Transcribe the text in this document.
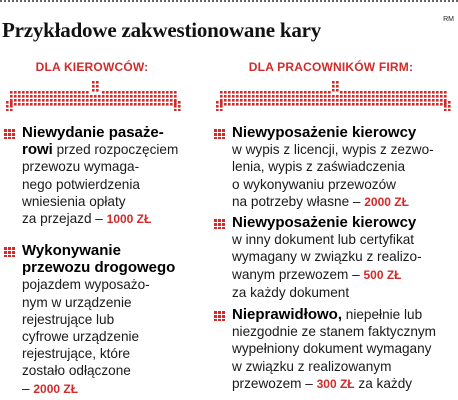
Przykładowe zakwestionowane kary	RM
DLA KIEROWCÓW:	DLA PRACOWNIKÓW FIRM:
Niewydanie pasaże-
rowi przed rozpoczęciem
przewozu wymaga-
nego potwierdzenia
wniesienia opłaty
za przejazd – 1000 ZŁ
Wykonywanie
przewozu drogowego
pojazdem wyposażo-
nym w urządzenie
rejestrujące lub
cyfrowe urządzenie
rejestrujące, które
zostało odłączone
– 2000 ZŁ
Niewyposażenie kierowcy
w wypis z licencji, wypis z zezwo-
lenia, wypis z zaświadczenia
o wykonywaniu przewozów
na potrzeby własne – 2000 ZŁ
Niewyposażenie kierowcy
w inny dokument lub certyfikat
wymagany w związku z realizo-
wanym przewozem – 500 ZŁ
za każdy dokument
Nieprawidłowo, niepełnie lub
niezgodnie ze stanem faktycznym
wypełniony dokument wymagany
w związku z realizowanym
przewozem – 300 ZŁ za każdy
